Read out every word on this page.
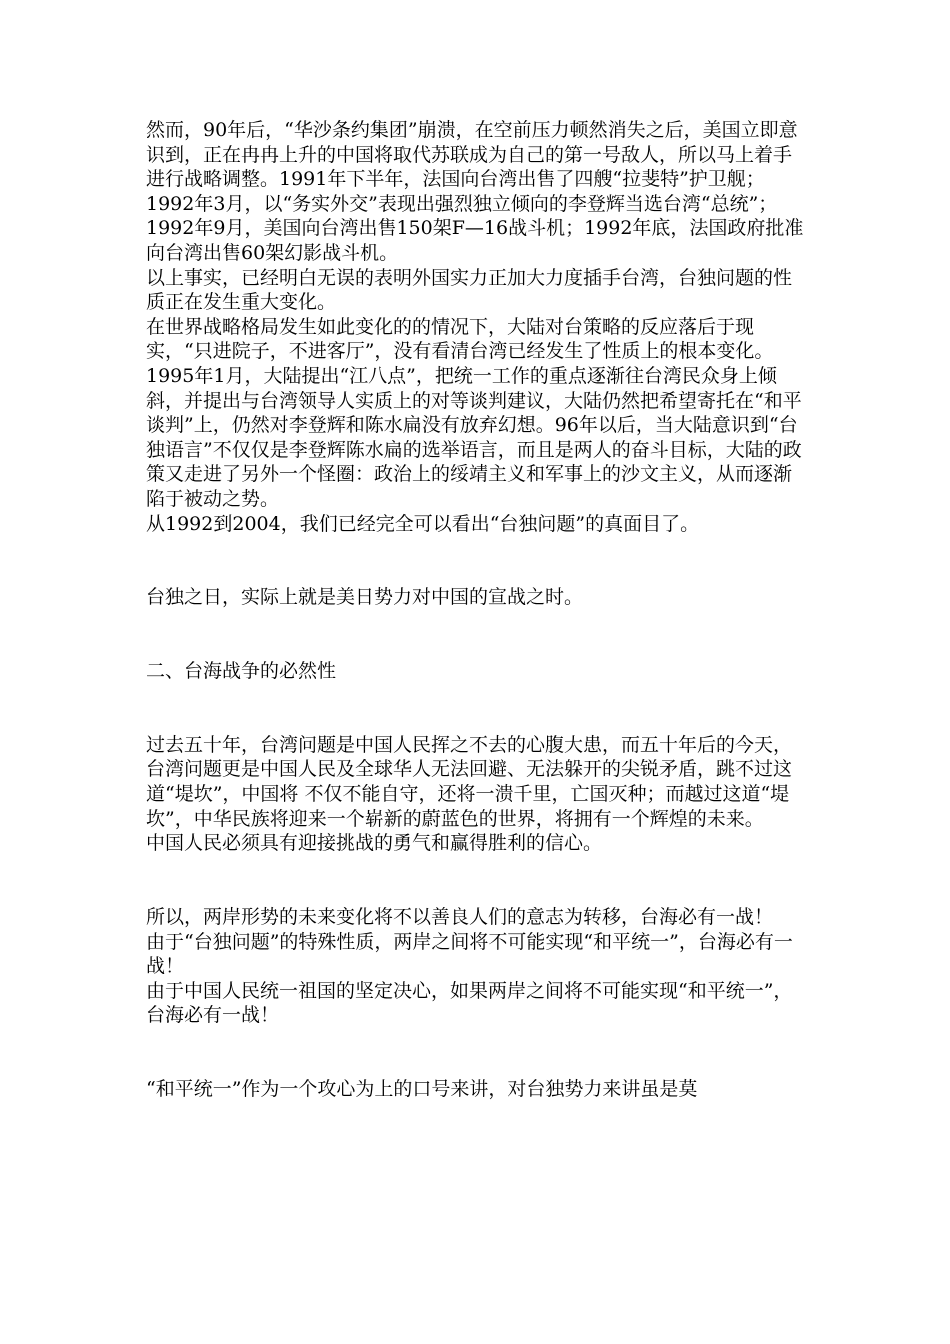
然而，90年后，“华沙条约集团”崩溃，在空前压力顿然消失之后，美国立即意识到，正在冉冉上升的中国将取代苏联成为自己的第一号敌人，所以马上着手进行战略调整。1991年下半年，法国向台湾出售了四艘“拉斐特”护卫舰；1992年3月，以“务实外交”表现出强烈独立倾向的李登辉当选台湾“总统”；1992年9月，美国向台湾出售150架F—16战斗机；1992年底，法国政府批准向台湾出售60架幻影战斗机。

以上事实，已经明白无误的表明外国实力正加大力度插手台湾，台独问题的性质正在发生重大变化。

在世界战略格局发生如此变化的的情况下，大陆对台策略的反应落后于现实，“只进院子，不进客厅”，没有看清台湾已经发生了性质上的根本变化。1995年1月，大陆提出“江八点”，把统一工作的重点逐渐往台湾民众身上倾斜，并提出与台湾领导人实质上的对等谈判建议，大陆仍然把希望寄托在“和平谈判”上，仍然对李登辉和陈水扁没有放弃幻想。96年以后，当大陆意识到“台独语言”不仅仅是李登辉陈水扁的选举语言，而且是两人的奋斗目标，大陆的政策又走进了另外一个怪圈：政治上的绥靖主义和军事上的沙文主义，从而逐渐陷于被动之势。

从1992到2004，我们已经完全可以看出“台独问题”的真面目了。

台独之日，实际上就是美日势力对中国的宣战之时。

二、台海战争的必然性

过去五十年，台湾问题是中国人民挥之不去的心腹大患，而五十年后的今天，台湾问题更是中国人民及全球华人无法回避、无法躲开的尖锐矛盾，跳不过这道“堤坎”，中国将 不仅不能自守，还将一溃千里，亡国灭种；而越过这道“堤坎”，中华民族将迎来一个崭新的蔚蓝色的世界，将拥有一个辉煌的未来。

中国人民必须具有迎接挑战的勇气和赢得胜利的信心。

所以，两岸形势的未来变化将不以善良人们的意志为转移，台海必有一战！

由于“台独问题”的特殊性质，两岸之间将不可能实现“和平统一”，台海必有一战！

由于中国人民统一祖国的坚定决心，如果两岸之间将不可能实现“和平统一”，台海必有一战！

“和平统一”作为一个攻心为上的口号来讲，对台独势力来讲虽是莫
